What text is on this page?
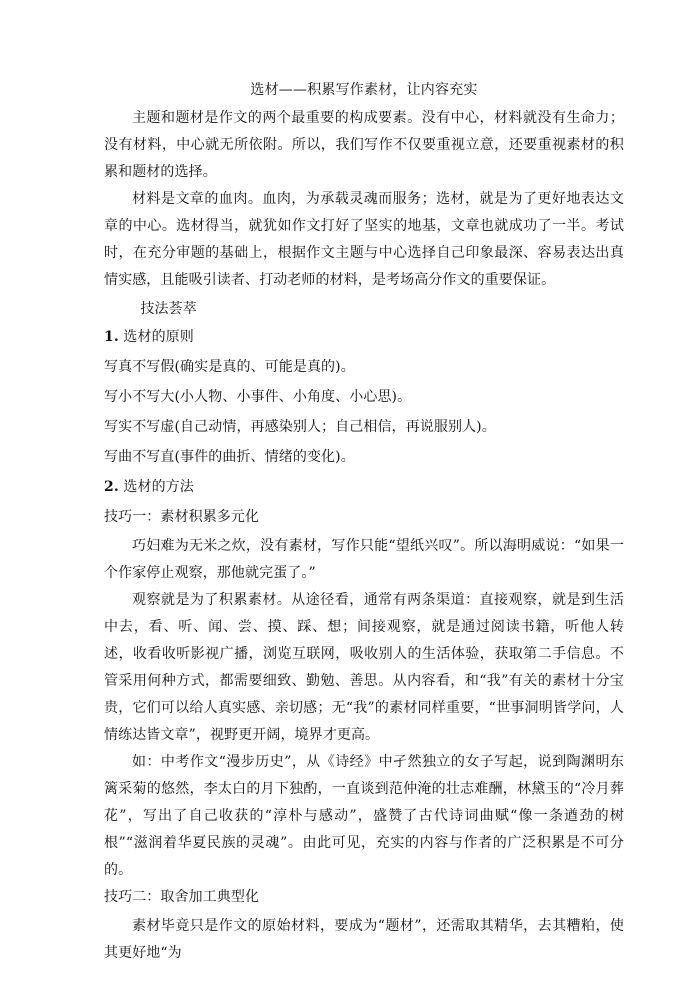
选材——积累写作素材，让内容充实

主题和题材是作文的两个最重要的构成要素。没有中心，材料就没有生命力；没有材料，中心就无所依附。所以，我们写作不仅要重视立意，还要重视素材的积累和题材的选择。

材料是文章的血肉。血肉，为承载灵魂而服务；选材，就是为了更好地表达文章的中心。选材得当，就犹如作文打好了坚实的地基，文章也就成功了一半。考试时，在充分审题的基础上，根据作文主题与中心选择自己印象最深、容易表达出真情实感，且能吸引读者、打动老师的材料，是考场高分作文的重要保证。

技法荟萃

1. 选材的原则

写真不写假(确实是真的、可能是真的)。

写小不写大(小人物、小事件、小角度、小心思)。

写实不写虚(自己动情，再感染别人；自己相信，再说服别人)。

写曲不写直(事件的曲折、情绪的变化)。

2. 选材的方法

技巧一：素材积累多元化

巧妇难为无米之炊，没有素材，写作只能“望纸兴叹”。所以海明威说：“如果一个作家停止观察，那他就完蛋了。”

观察就是为了积累素材。从途径看，通常有两条渠道：直接观察，就是到生活中去，看、听、闻、尝、摸、踩、想；间接观察，就是通过阅读书籍，听他人转述，收看收听影视广播，浏览互联网，吸收别人的生活体验，获取第二手信息。不管采用何种方式，都需要细致、勤勉、善思。从内容看，和“我”有关的素材十分宝贵，它们可以给人真实感、亲切感；无“我”的素材同样重要，“世事洞明皆学问，人情练达皆文章”，视野更开阔，境界才更高。

如：中考作文“漫步历史”，从《诗经》中孑然独立的女子写起，说到陶渊明东篱采菊的悠然，李太白的月下独酌，一直谈到范仲淹的壮志难酬，林黛玉的“冷月葬花”，写出了自己收获的“淳朴与感动”，盛赞了古代诗词曲赋“像一条遒劲的树根”“滋润着华夏民族的灵魂”。由此可见，充实的内容与作者的广泛积累是不可分的。

技巧二：取舍加工典型化

素材毕竟只是作文的原始材料，要成为“题材”，还需取其精华，去其糟粕，使其更好地“为
